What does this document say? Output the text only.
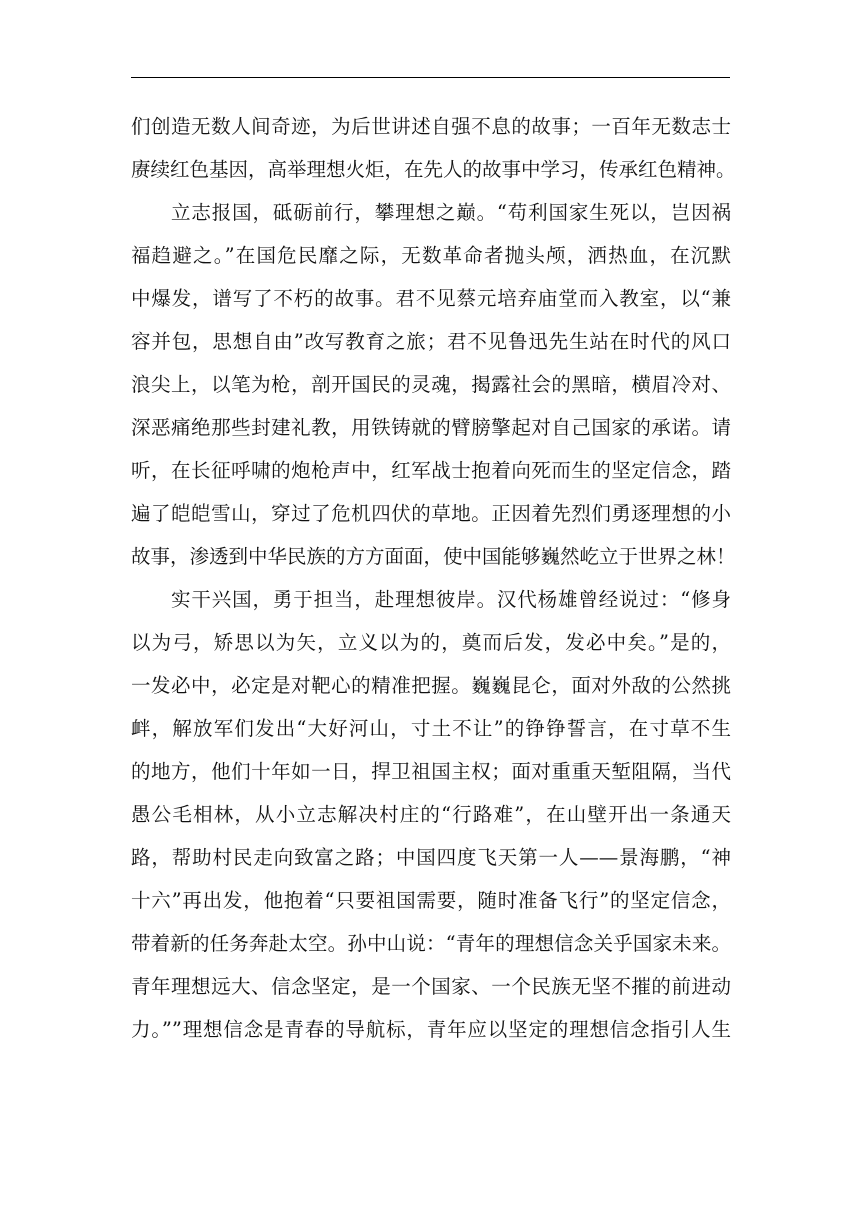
们创造无数人间奇迹，为后世讲述自强不息的故事；一百年无数志士

赓续红色基因，高举理想火炬，在先人的故事中学习，传承红色精神。

立志报国，砥砺前行，攀理想之巅。“苟利国家生死以，岂因祸

福趋避之。”在国危民靡之际，无数革命者抛头颅，洒热血，在沉默

中爆发，谱写了不朽的故事。君不见蔡元培弃庙堂而入教室，以“兼

容并包，思想自由”改写教育之旅；君不见鲁迅先生站在时代的风口

浪尖上，以笔为枪，剖开国民的灵魂，揭露社会的黑暗，横眉冷对、

深恶痛绝那些封建礼教，用铁铸就的臂膀擎起对自己国家的承诺。请

听，在长征呼啸的炮枪声中，红军战士抱着向死而生的坚定信念，踏

遍了皑皑雪山，穿过了危机四伏的草地。正因着先烈们勇逐理想的小

故事，渗透到中华民族的方方面面，使中国能够巍然屹立于世界之林！

实干兴国，勇于担当，赴理想彼岸。汉代杨雄曾经说过：“修身

以为弓，矫思以为矢，立义以为的，奠而后发，发必中矣。”是的，

一发必中，必定是对靶心的精准把握。巍巍昆仑，面对外敌的公然挑

衅，解放军们发出“大好河山，寸土不让”的铮铮誓言，在寸草不生

的地方，他们十年如一日，捍卫祖国主权；面对重重天堑阻隔，当代

愚公毛相林，从小立志解决村庄的“行路难”，在山壁开出一条通天

路，帮助村民走向致富之路；中国四度飞天第一人——景海鹏，“神

十六”再出发，他抱着“只要祖国需要，随时准备飞行”的坚定信念，

带着新的任务奔赴太空。孙中山说：“青年的理想信念关乎国家未来。

青年理想远大、信念坚定，是一个国家、一个民族无坚不摧的前进动

力。””理想信念是青春的导航标，青年应以坚定的理想信念指引人生
